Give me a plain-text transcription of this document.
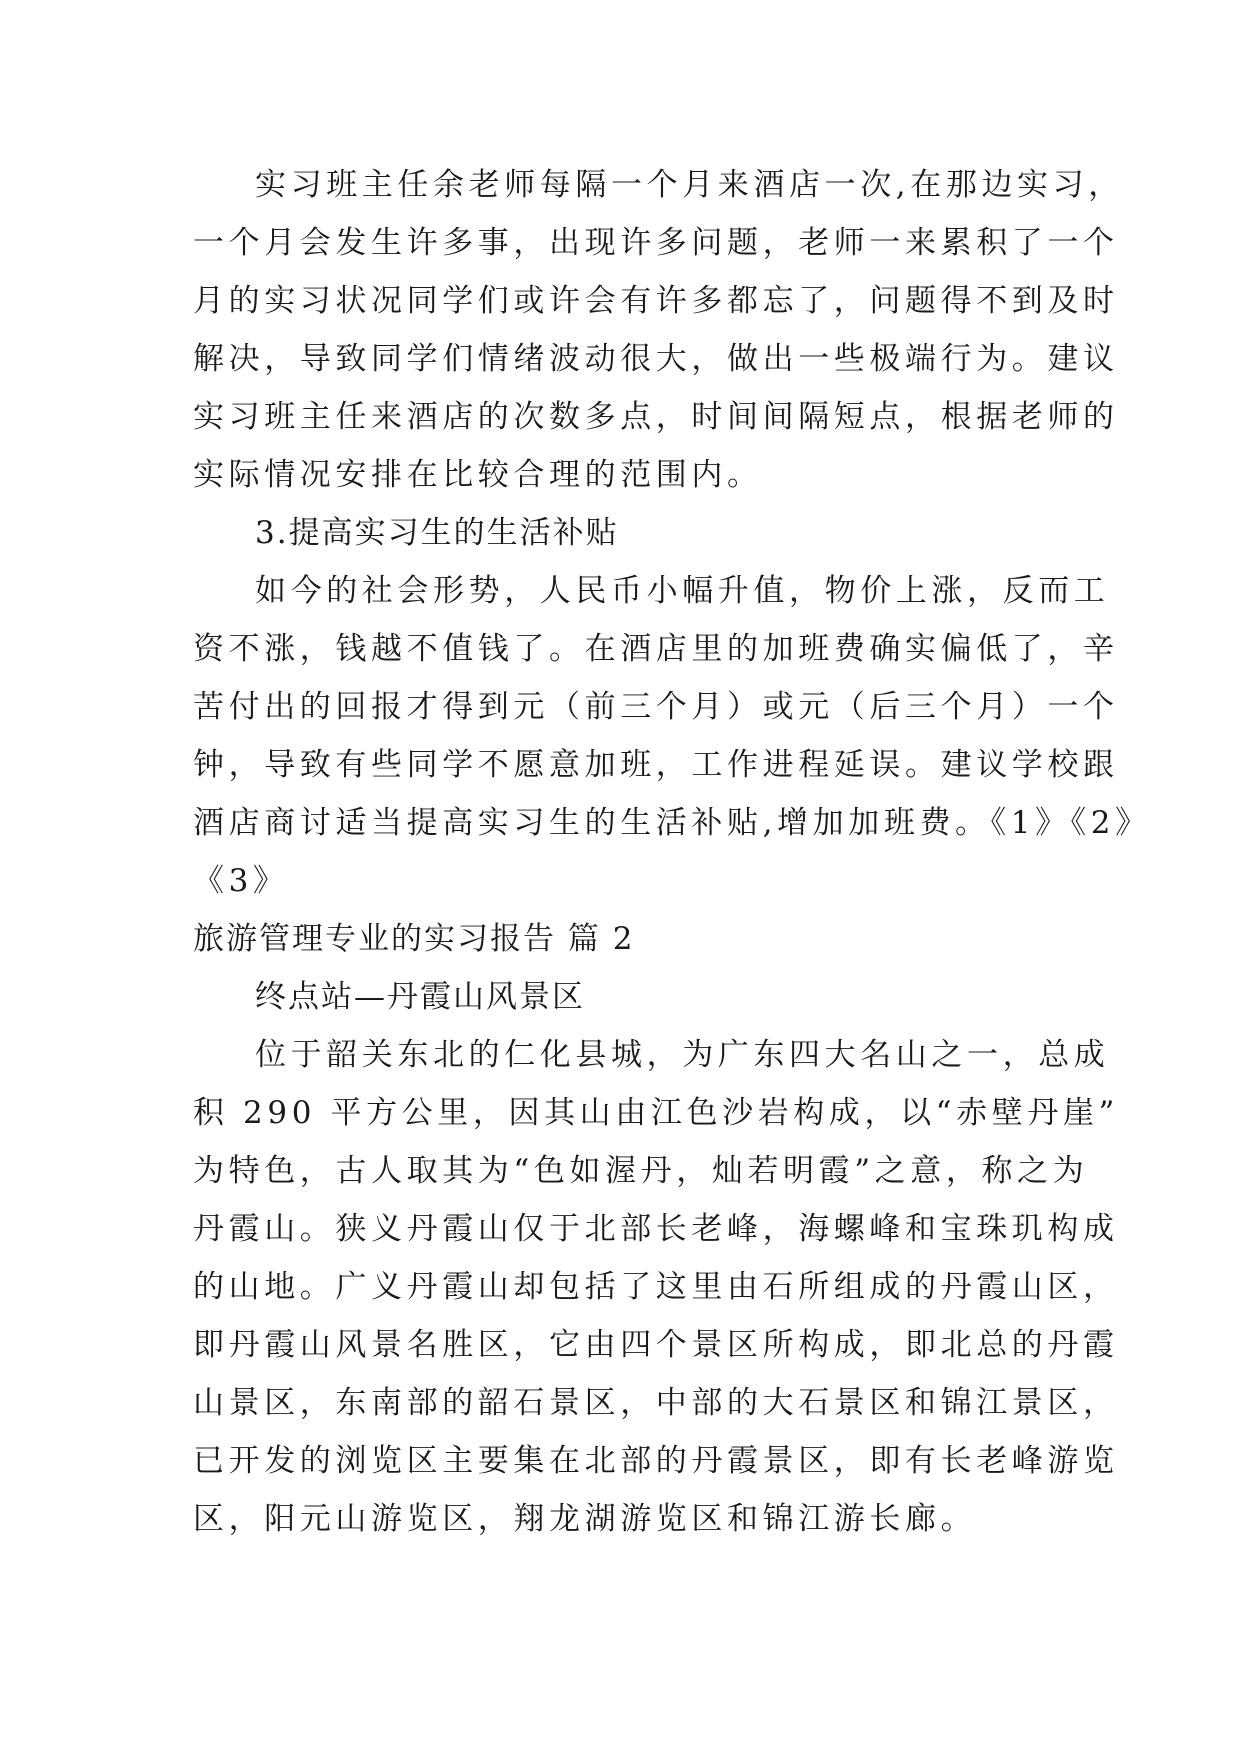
实习班主任余老师每隔一个月来酒店一次,在那边实习，
一个月会发生许多事，出现许多问题，老师一来累积了一个
月的实习状况同学们或许会有许多都忘了，问题得不到及时
解决，导致同学们情绪波动很大，做出一些极端行为。建议
实习班主任来酒店的次数多点，时间间隔短点，根据老师的
实际情况安排在比较合理的范围内。
3.提高实习生的生活补贴
如今的社会形势，人民币小幅升值，物价上涨，反而工
资不涨，钱越不值钱了。在酒店里的加班费确实偏低了，辛
苦付出的回报才得到元（前三个月）或元（后三个月）一个
钟，导致有些同学不愿意加班，工作进程延误。建议学校跟
酒店商讨适当提高实习生的生活补贴,增加加班费。《1》《2》
《3》
旅游管理专业的实习报告 篇 2
终点站—丹霞山风景区
位于韶关东北的仁化县城，为广东四大名山之一，总成
积 290 平方公里，因其山由江色沙岩构成，以“赤壁丹崖”
为特色，古人取其为“色如渥丹，灿若明霞”之意，称之为
丹霞山。狭义丹霞山仅于北部长老峰，海螺峰和宝珠玑构成
的山地。广义丹霞山却包括了这里由石所组成的丹霞山区，
即丹霞山风景名胜区，它由四个景区所构成，即北总的丹霞
山景区，东南部的韶石景区，中部的大石景区和锦江景区，
已开发的浏览区主要集在北部的丹霞景区，即有长老峰游览
区，阳元山游览区，翔龙湖游览区和锦江游长廊。
